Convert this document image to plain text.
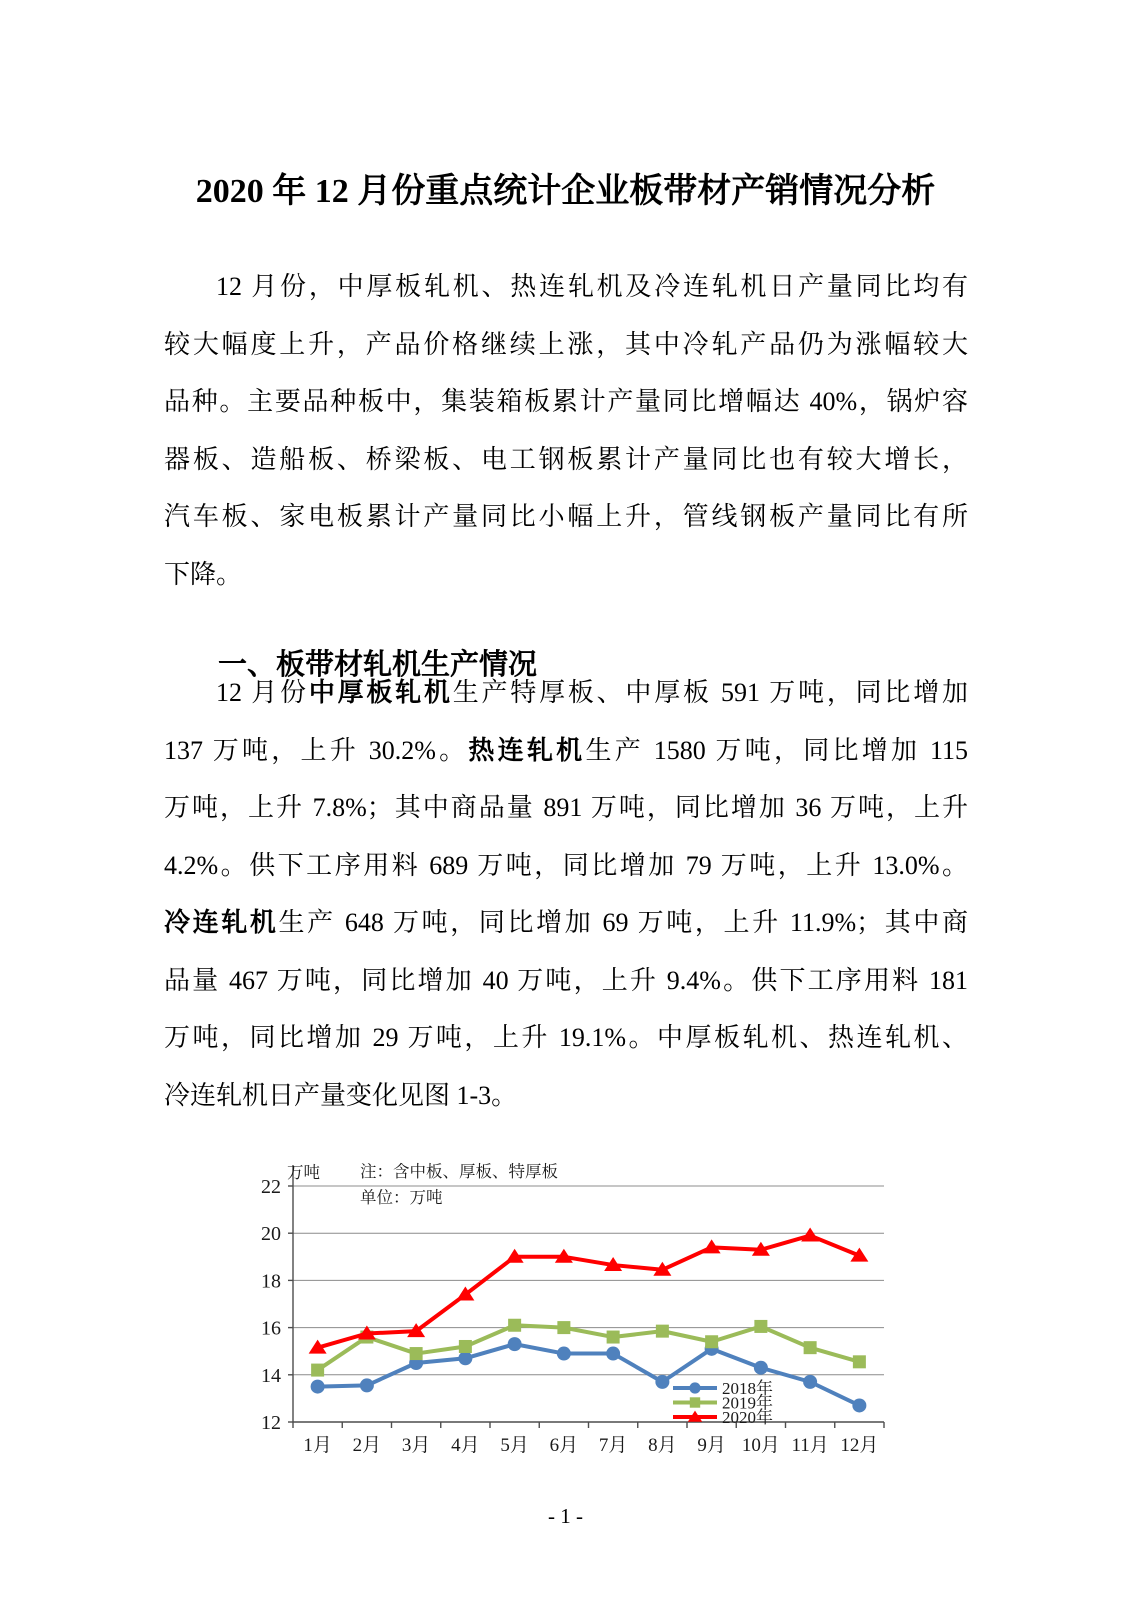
2020 年 12 月份重点统计企业板带材产销情况分析
12 月份，中厚板轧机、热连轧机及冷连轧机日产量同比均有
较大幅度上升，产品价格继续上涨，其中冷轧产品仍为涨幅较大
品种。主要品种板中，集装箱板累计产量同比增幅达 40%，锅炉容
器板、造船板、桥梁板、电工钢板累计产量同比也有较大增长，
汽车板、家电板累计产量同比小幅上升，管线钢板产量同比有所
下降。
一、板带材轧机生产情况
12 月份中厚板轧机生产特厚板、中厚板 591 万吨，同比增加
137 万吨，上升 30.2%。热连轧机生产 1580 万吨，同比增加 115
万吨，上升 7.8%；其中商品量 891 万吨，同比增加 36 万吨，上升
4.2%。供下工序用料 689 万吨，同比增加 79 万吨，上升 13.0%。
冷连轧机生产 648 万吨，同比增加 69 万吨，上升 11.9%；其中商
品量 467 万吨，同比增加 40 万吨，上升 9.4%。供下工序用料 181
万吨，同比增加 29 万吨，上升 19.1%。中厚板轧机、热连轧机、
冷连轧机日产量变化见图 1-3。
12
14
16
18
20
22
1月 2月 3月 4月 5月 6月 7月 8月 9月 10月 11月 12月
万吨 注：含中板、厚板、特厚板
单位：万吨
2018年
2019年
2020年
- 1 -
